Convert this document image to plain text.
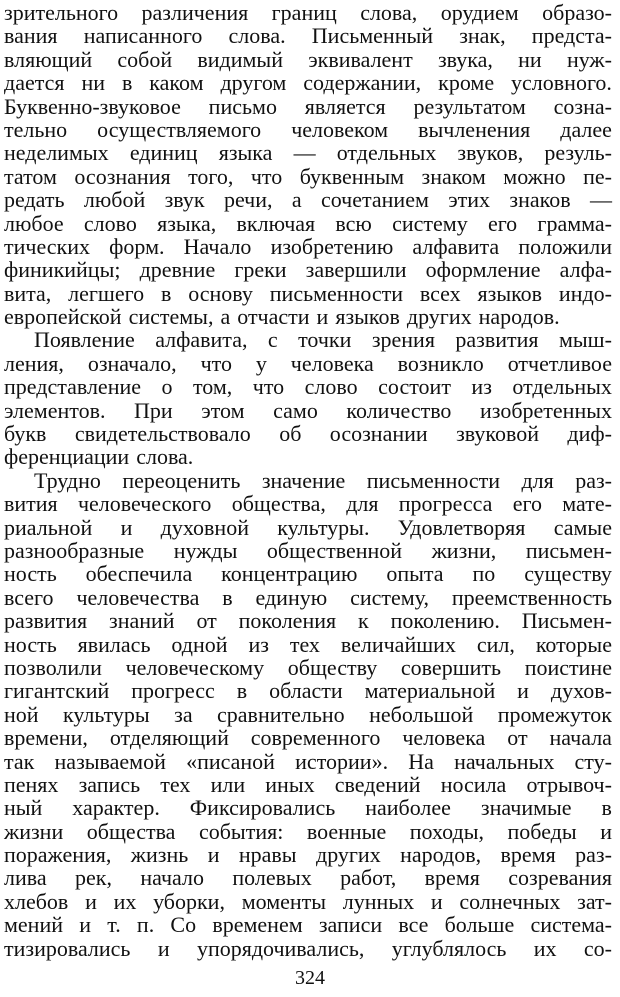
зрительного различения границ слова, орудием образо-
вания написанного слова. Письменный знак, предста-
вляющий собой видимый эквивалент звука, ни нуж-
дается ни в каком другом содержании, кроме условного.
Буквенно-звуковое письмо является результатом созна-
тельно осуществляемого человеком вычленения далее
неделимых единиц языка — отдельных звуков, резуль-
татом осознания того, что буквенным знаком можно пе-
редать любой звук речи, а сочетанием этих знаков —
любое слово языка, включая всю систему его грамма-
тических форм. Начало изобретению алфавита положили
финикийцы; древние греки завершили оформление алфа-
вита, легшего в основу письменности всех языков индо-
европейской системы, а отчасти и языков других народов.
Появление алфавита, с точки зрения развития мыш-
ления, означало, что у человека возникло отчетливое
представление о том, что слово состоит из отдельных
элементов. При этом само количество изобретенных
букв свидетельствовало об осознании звуковой диф-
ференциации слова.
Трудно переоценить значение письменности для раз-
вития человеческого общества, для прогресса его мате-
риальной и духовной культуры. Удовлетворяя самые
разнообразные нужды общественной жизни, письмен-
ность обеспечила концентрацию опыта по существу
всего человечества в единую систему, преемственность
развития знаний от поколения к поколению. Письмен-
ность явилась одной из тех величайших сил, которые
позволили человеческому обществу совершить поистине
гигантский прогресс в области материальной и духов-
ной культуры за сравнительно небольшой промежуток
времени, отделяющий современного человека от начала
так называемой «писаной истории». На начальных сту-
пенях запись тех или иных сведений носила отрывоч-
ный характер. Фиксировались наиболее значимые в
жизни общества события: военные походы, победы и
поражения, жизнь и нравы других народов, время раз-
лива рек, начало полевых работ, время созревания
хлебов и их уборки, моменты лунных и солнечных зат-
мений и т. п. Со временем записи все больше система-
тизировались и упорядочивались, углублялось их со-
324
